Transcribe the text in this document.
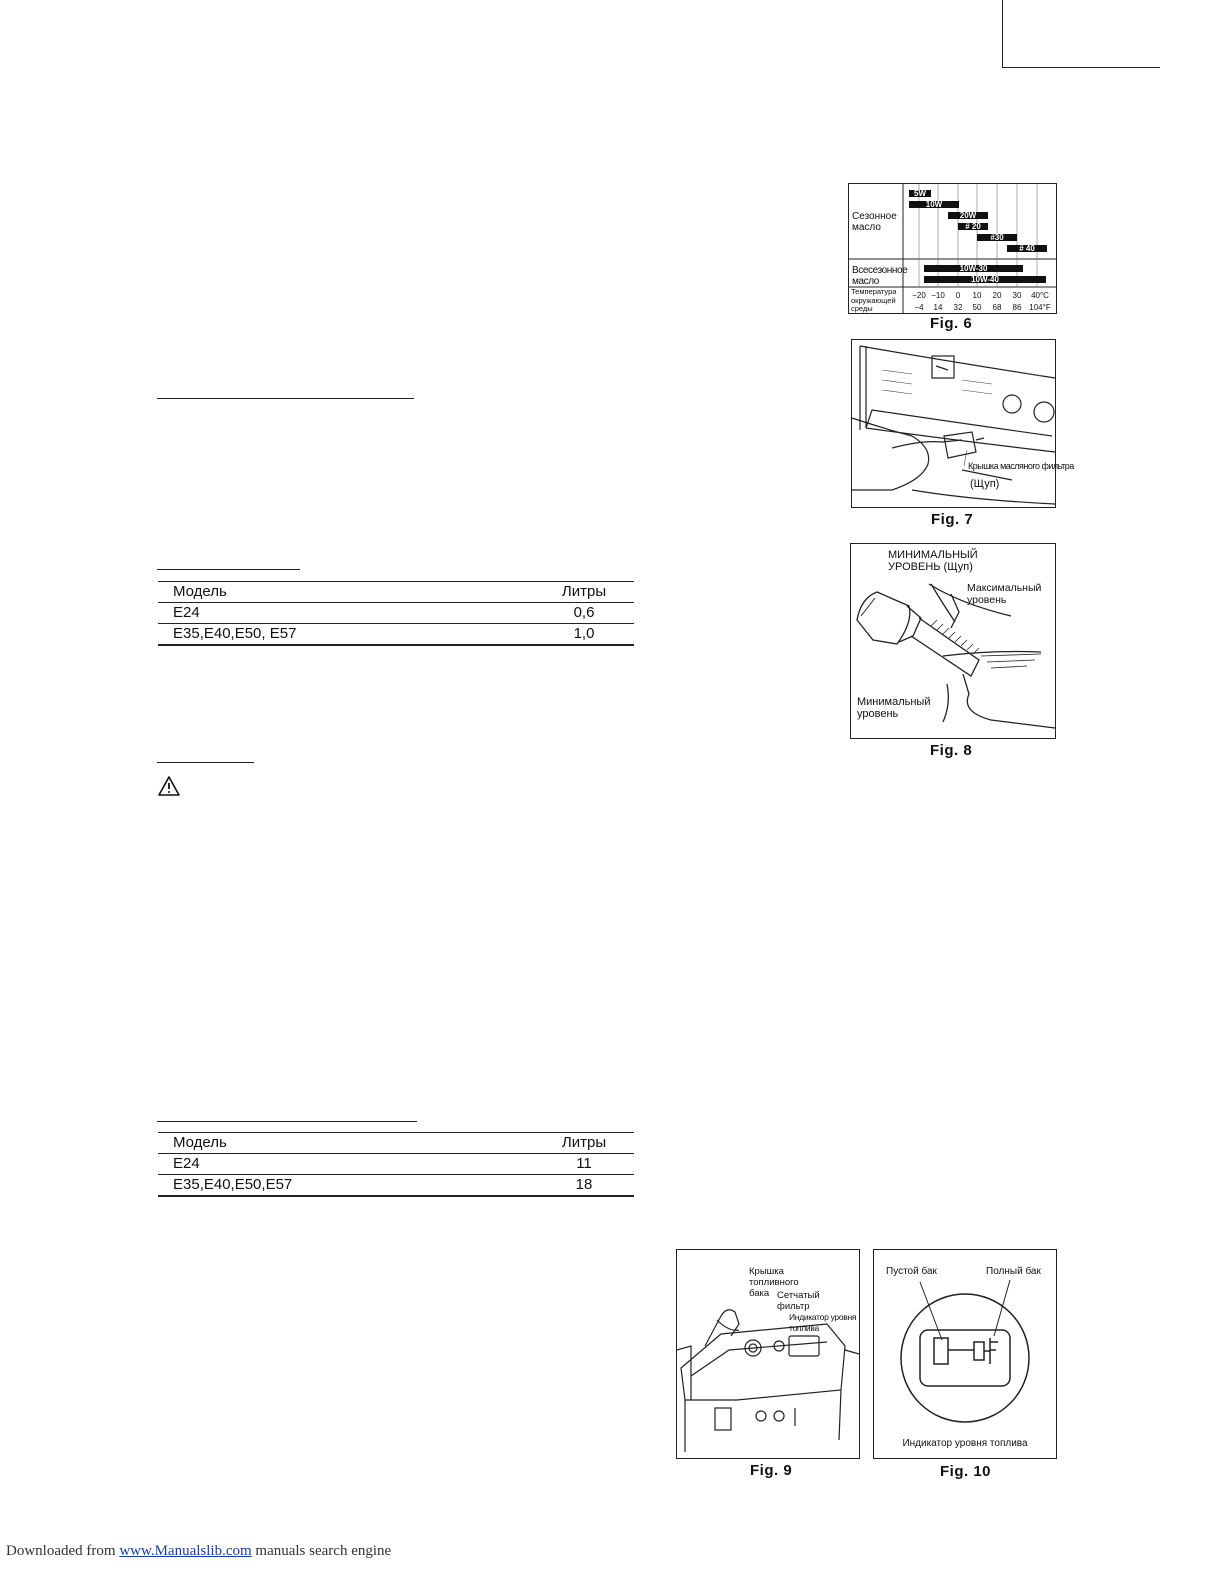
Модель	Литры
E24	0,6
E35,E40,E50, E57	1,0
Модель	Литры
E24	11
E35,E40,E50,E57	18
5W
10W
20W
# 20
#30
# 40
10W-30
10W-40
Сезонное масло
Всесезонное масло
Температура окружающей среды
−20 −10	0	10	20	30	40°C
−4	14	32	50	68	86 104°F
Fig. 6
Крышка масляного фильтра
(Щуп)
Fig. 7
МИНИМАЛЬНЫЙ УРОВЕНЬ (Щуп)
Максимальный уровень
Минимальный уровень
Fig. 8
Крышка топливного бака Сетчатый фильтр
Индикатор уровня топлива
Fig. 9
Пустой бак	Полный бак
Индикатор уровня топлива
Fig. 10
Downloaded from www.Manualslib.com manuals search engine
